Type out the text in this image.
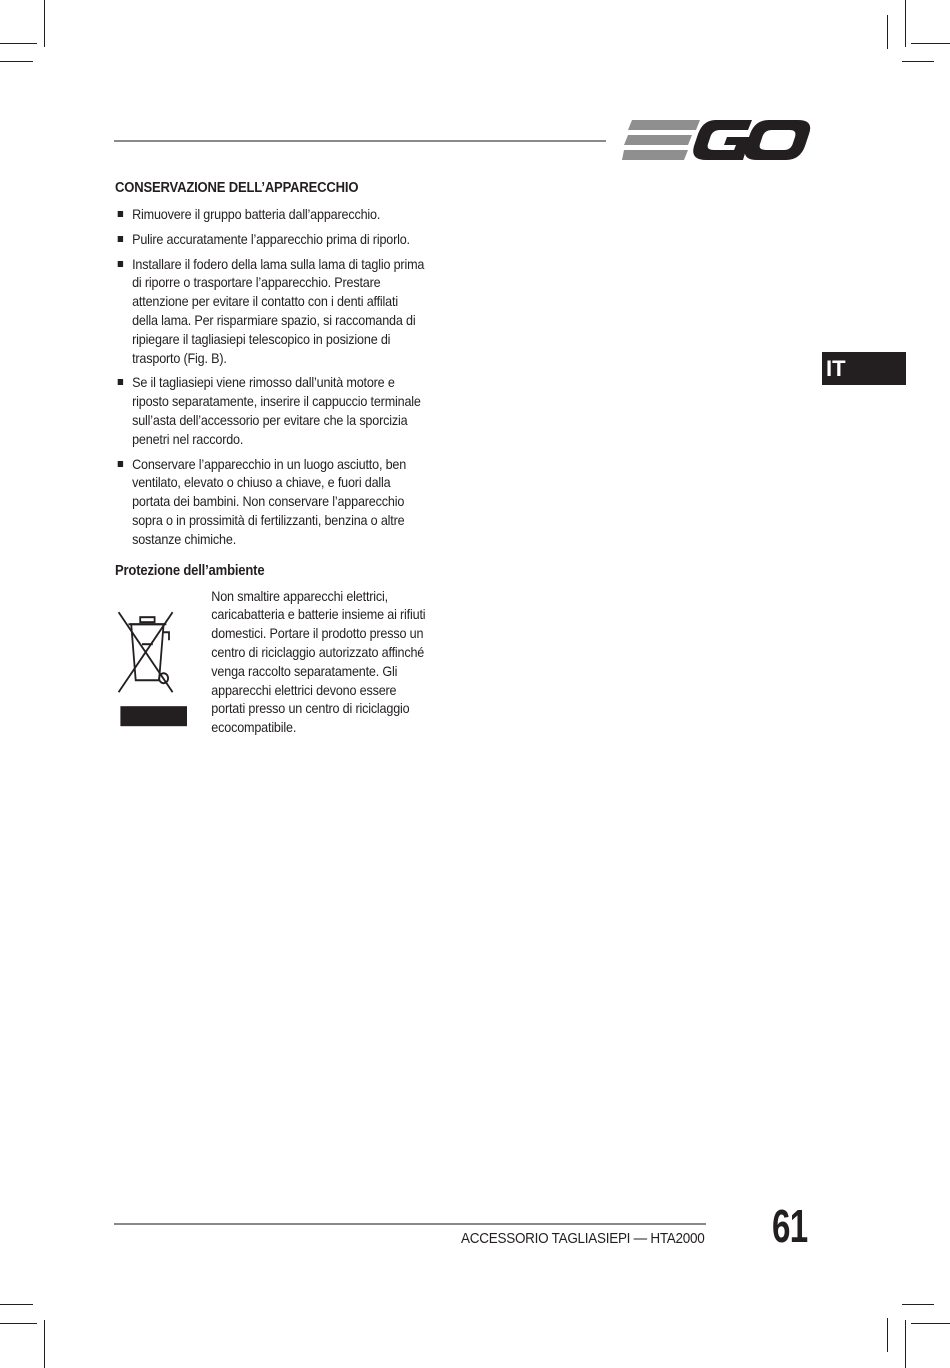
IT
CONSERVAZIONE DELL’APPARECCHIO
Rimuovere il gruppo batteria dall’apparecchio.
Pulire accuratamente l’apparecchio prima di riporlo.
Installare il fodero della lama sulla lama di taglio prima di riporre o trasportare l’apparecchio. Prestare attenzione per evitare il contatto con i denti affilati della lama. Per risparmiare spazio, si raccomanda di ripiegare il tagliasiepi telescopico in posizione di trasporto (Fig. B).
Se il tagliasiepi viene rimosso dall’unità motore e riposto separatamente, inserire il cappuccio terminale sull’asta dell’accessorio per evitare che la sporcizia penetri nel raccordo.
Conservare l’apparecchio in un luogo asciutto, ben ventilato, elevato o chiuso a chiave, e fuori dalla portata dei bambini. Non conservare l’apparecchio sopra o in prossimità di fertilizzanti, benzina o altre sostanze chimiche.
Protezione dell’ambiente

Non smaltire apparecchi elettrici, caricabatteria e batterie insieme ai rifiuti domestici. Portare il prodotto presso un centro di riciclaggio autorizzato affinché venga raccolto separatamente. Gli apparecchi elettrici devono essere portati presso un centro di riciclaggio ecocompatibile.

ACCESSORIO TAGLIASIEPI — HTA2000 61
